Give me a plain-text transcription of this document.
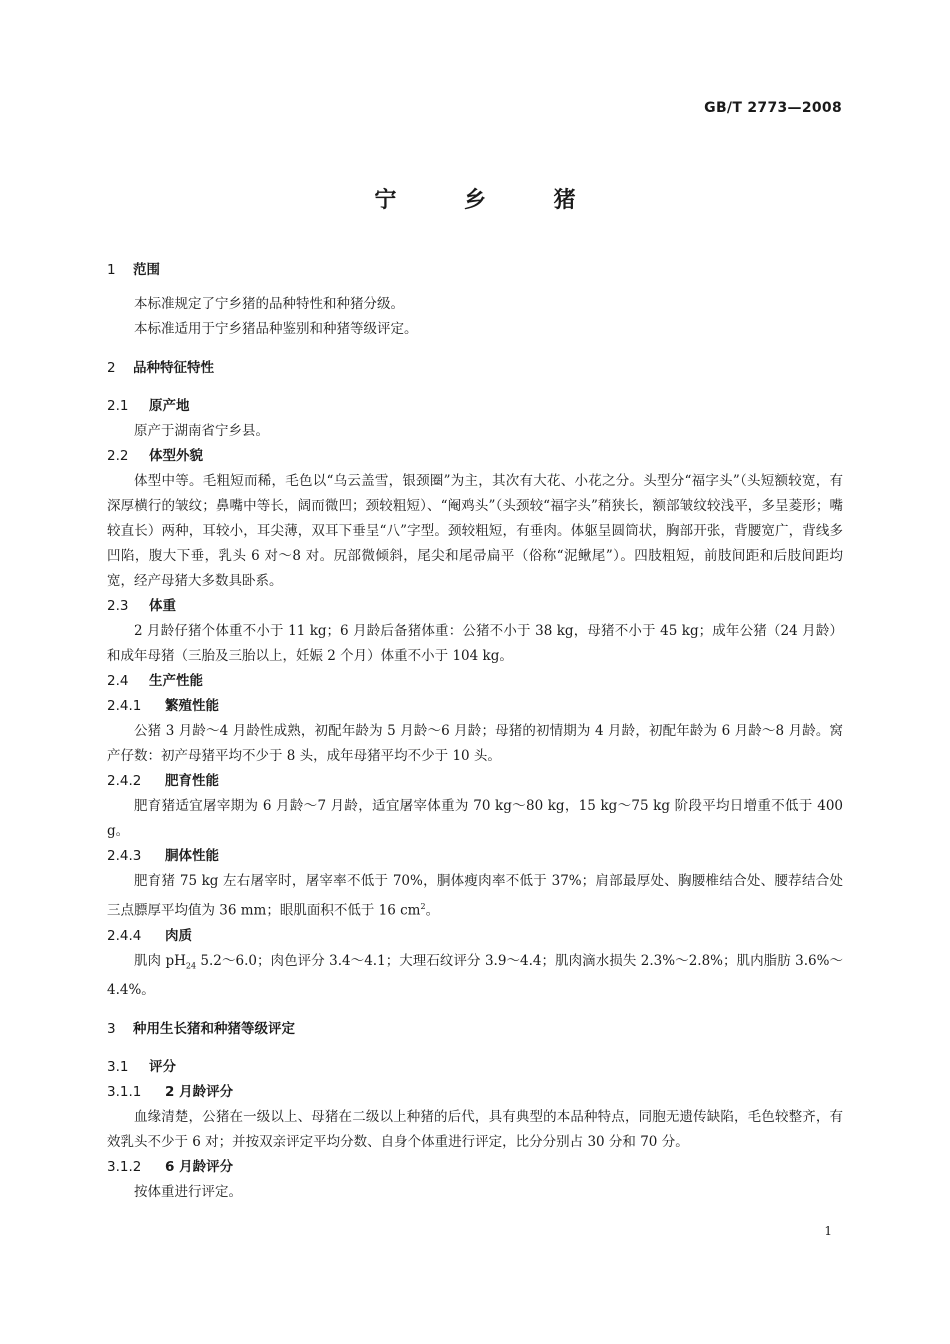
GB/T 2773—2008
宁 乡 猪
1 范围

本标准规定了宁乡猪的品种特性和种猪分级。

本标准适用于宁乡猪品种鉴别和种猪等级评定。

2 品种特征特性
2.1 原产地

原产于湖南省宁乡县。

2.2 体型外貌

体型中等。毛粗短而稀，毛色以“乌云盖雪，银颈圈”为主，其次有大花、小花之分。头型分“福字头”（头短额较宽，有深厚横行的皱纹；鼻嘴中等长，阔而微凹；颈较粗短）、“阉鸡头”（头颈较“福字头”稍狭长，额部皱纹较浅平，多呈菱形；嘴较直长）两种，耳较小，耳尖薄，双耳下垂呈“八”字型。颈较粗短，有垂肉。体躯呈圆筒状，胸部开张，背腰宽广，背线多凹陷，腹大下垂，乳头 6 对～8 对。尻部微倾斜，尾尖和尾帚扁平（俗称“泥鳅尾”）。四肢粗短，前肢间距和后肢间距均宽，经产母猪大多数具卧系。

2.3 体重

2 月龄仔猪个体重不小于 11 kg；6 月龄后备猪体重：公猪不小于 38 kg，母猪不小于 45 kg；成年公猪（24 月龄）和成年母猪（三胎及三胎以上，妊娠 2 个月）体重不小于 104 kg。

2.4 生产性能
2.4.1 繁殖性能

公猪 3 月龄～4 月龄性成熟，初配年龄为 5 月龄～6 月龄；母猪的初情期为 4 月龄，初配年龄为 6 月龄～8 月龄。窝产仔数：初产母猪平均不少于 8 头，成年母猪平均不少于 10 头。

2.4.2 肥育性能

肥育猪适宜屠宰期为 6 月龄～7 月龄，适宜屠宰体重为 70 kg～80 kg，15 kg～75 kg 阶段平均日增重不低于 400 g。

2.4.3 胴体性能

肥育猪 75 kg 左右屠宰时，屠宰率不低于 70%，胴体瘦肉率不低于 37%；肩部最厚处、胸腰椎结合处、腰荐结合处三点膘厚平均值为 36 mm；眼肌面积不低于 16 $cm^2$。

2.4.4 肉质

肌肉 $pH_{24}$ 5.2～6.0；肉色评分 3.4～4.1；大理石纹评分 3.9～4.4；肌肉滴水损失 2.3%～2.8%；肌内脂肪 3.6%～4.4%。

3 种用生长猪和种猪等级评定
3.1 评分
3.1.1 2 月龄评分

血缘清楚，公猪在一级以上、母猪在二级以上种猪的后代，具有典型的本品种特点，同胞无遗传缺陷，毛色较整齐，有效乳头不少于 6 对；并按双亲评定平均分数、自身个体重进行评定，比分分别占 30 分和 70 分。

3.1.2 6 月龄评分

按体重进行评定。

1
